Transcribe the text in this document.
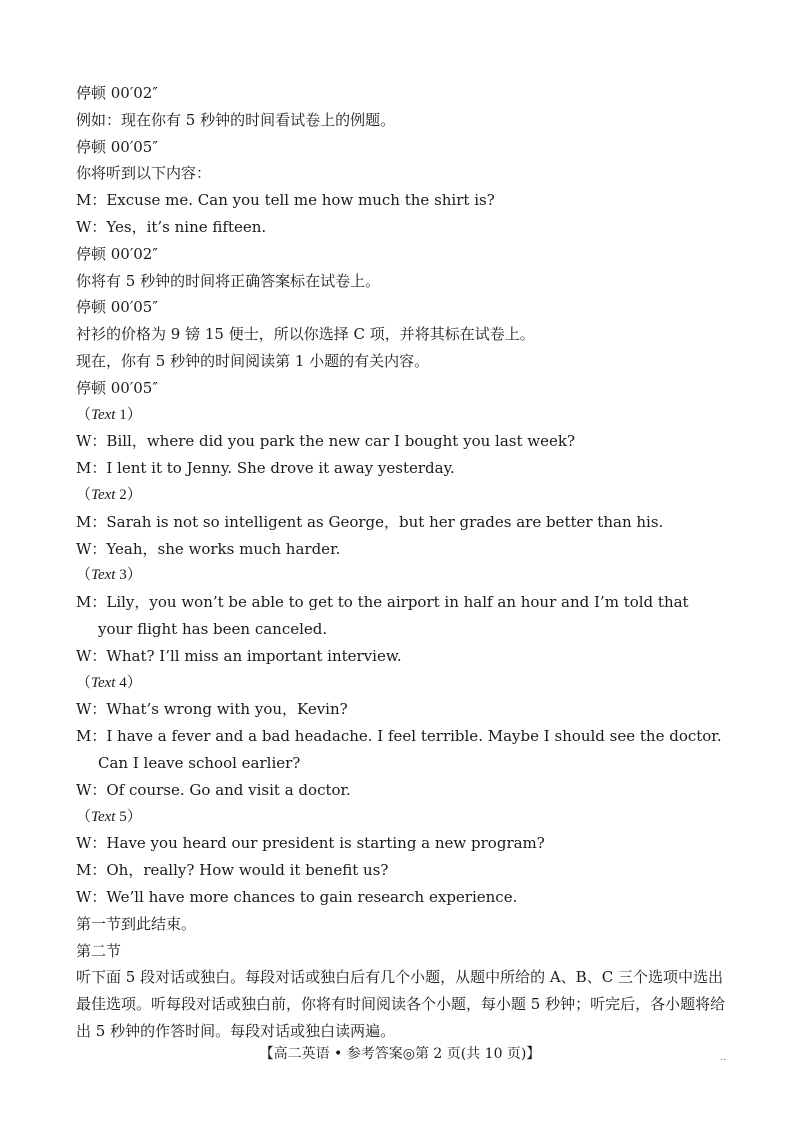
停顿 00′02″
例如：现在你有 5 秒钟的时间看试卷上的例题。
停顿 00′05″
你将听到以下内容：
M：Excuse me. Can you tell me how much the shirt is?
W：Yes，it’s nine fifteen.
停顿 00′02″
你将有 5 秒钟的时间将正确答案标在试卷上。
停顿 00′05″
衬衫的价格为 9 镑 15 便士，所以你选择 C 项，并将其标在试卷上。
现在，你有 5 秒钟的时间阅读第 1 小题的有关内容。
停顿 00′05″
（Text 1）
W：Bill，where did you park the new car I bought you last week?
M：I lent it to Jenny. She drove it away yesterday.
（Text 2）
M：Sarah is not so intelligent as George，but her grades are better than his.
W：Yeah，she works much harder.
（Text 3）
M：Lily，you won’t be able to get to the airport in half an hour and I’m told that your flight has been canceled.
W：What? I’ll miss an important interview.
（Text 4）
W：What’s wrong with you，Kevin?
M：I have a fever and a bad headache. I feel terrible. Maybe I should see the doctor. Can I leave school earlier?
W：Of course. Go and visit a doctor.
（Text 5）
W：Have you heard our president is starting a new program?
M：Oh，really? How would it benefit us?
W：We’ll have more chances to gain research experience.
第一节到此结束。
第二节
听下面 5 段对话或独白。每段对话或独白后有几个小题，从题中所给的 A、B、C 三个选项中选出最佳选项。听每段对话或独白前，你将有时间阅读各个小题，每小题 5 秒钟；听完后，各小题将给出 5 秒钟的作答时间。每段对话或独白读两遍。
【高二英语 • 参考答案◎第 2 页(共 10 页)】	··
